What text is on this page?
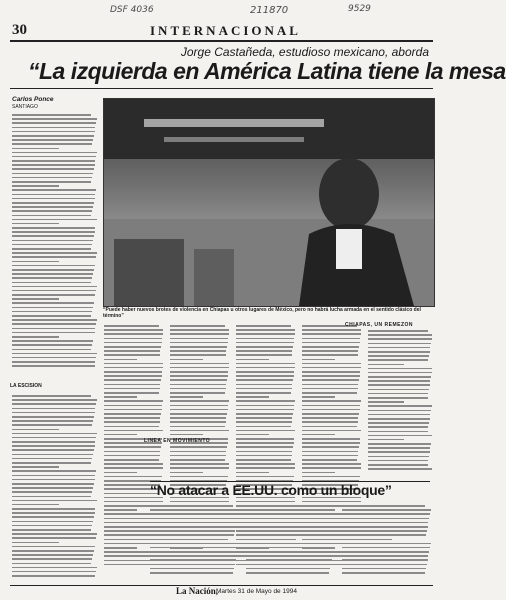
DSF 4036	211870	9529
30	INTERNACIONAL
Jorge Castañeda, estudioso mexicano, aborda
“La izquierda en América Latina tiene la mesa
Carlos Ponce
SANTIAGO
“Puede haber nuevos brotes de violencia en Chiapas u otros lugares de México, pero no habrá lucha armada en el sentido clásico del término”
LINEA EN MOVIMIENTO
CHIAPAS, UN REMEZON
LA ESCISION
“No atacar a EE.UU. como un bloque”
La Nación,
Martes 31 de Mayo de 1994
